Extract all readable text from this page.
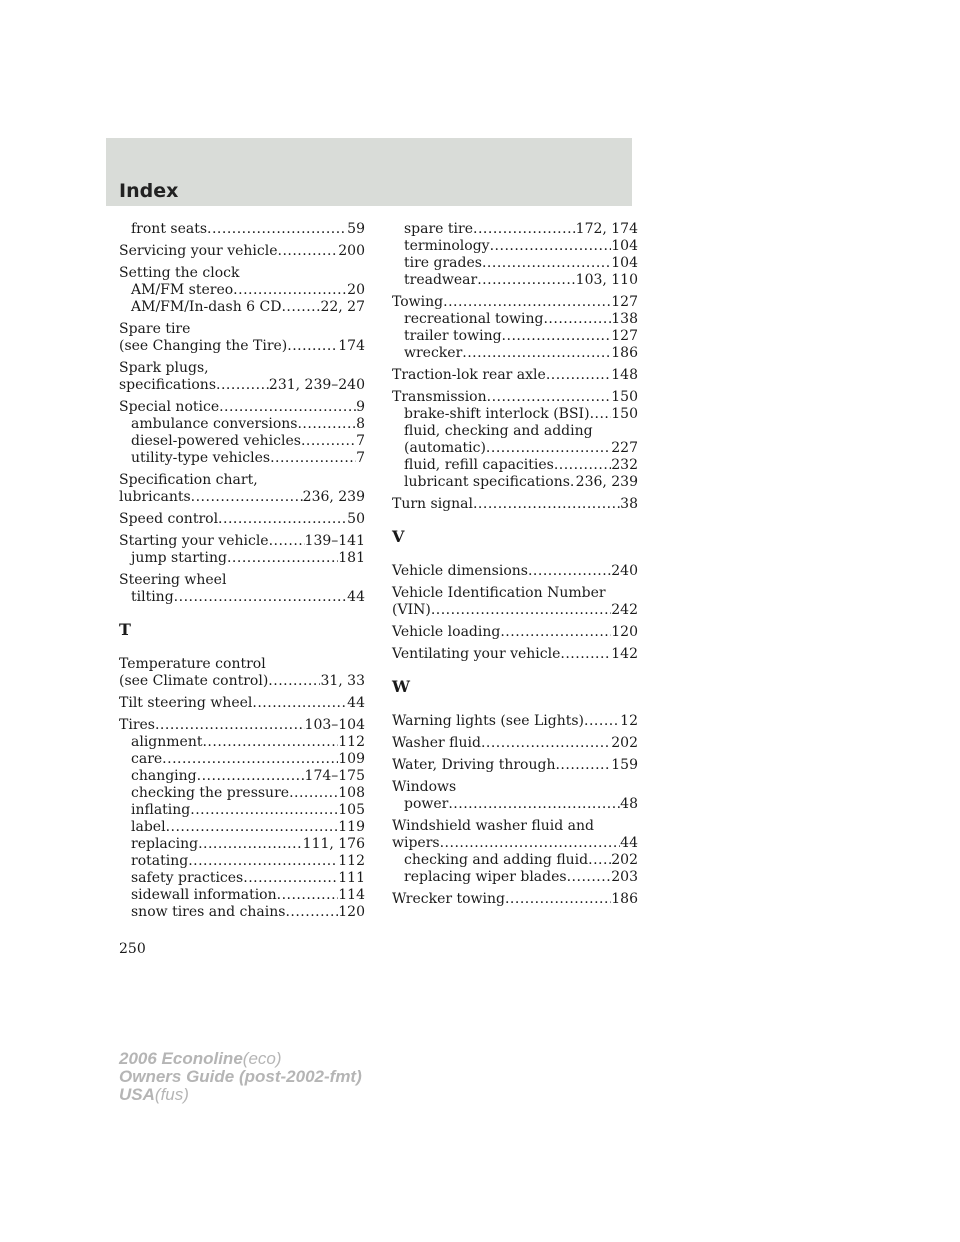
Index
front seats .....	59
Servicing your vehicle .....	200
Setting the clock
AM/FM stereo .....	20
AM/FM/In-dash 6 CD .....	22, 27
Spare tire
(see Changing the Tire) .....	174
Spark plugs,
specifications .....	231, 239–240
Special notice .....	9
ambulance conversions .....	8
diesel-powered vehicles .....	7
utility-type vehicles .....	7
Specification chart,
lubricants .....	236, 239
Speed control .....	50
Starting your vehicle .....	139–141
jump starting .....	181
Steering wheel
tilting .....	44
T
Temperature control
(see Climate control) .....	31, 33
Tilt steering wheel .....	44
Tires .....	103–104
alignment .....	112
care .....	109
changing .....	174–175
checking the pressure .....	108
inflating .....	105
label .....	119
replacing .....	111, 176
rotating .....	112
safety practices .....	111
sidewall information .....	114
snow tires and chains .....	120
spare tire .....	172, 174
terminology .....	104
tire grades .....	104
treadwear .....	103, 110
Towing .....	127
recreational towing .....	138
trailer towing .....	127
wrecker .....	186
Traction-lok rear axle .....	148
Transmission .....	150
brake-shift interlock (BSI) ..... 150
fluid, checking and adding
(automatic) .....	227
fluid, refill capacities .....	232
lubricant specifications ..... 236, 239
Turn signal .....	38
V
Vehicle dimensions .....	240
Vehicle Identification Number
(VIN) .....	242
Vehicle loading .....	120
Ventilating your vehicle .....	142
W
Warning lights (see Lights) .....	12
Washer fluid .....	202
Water, Driving through .....	159
Windows
power .....	48
Windshield washer fluid and
wipers .....	44
checking and adding fluid ..... 202
replacing wiper blades .....	203
Wrecker towing .....	186
250
2006 Econoline(eco)
Owners Guide (post-2002-fmt)
USA(fus)
